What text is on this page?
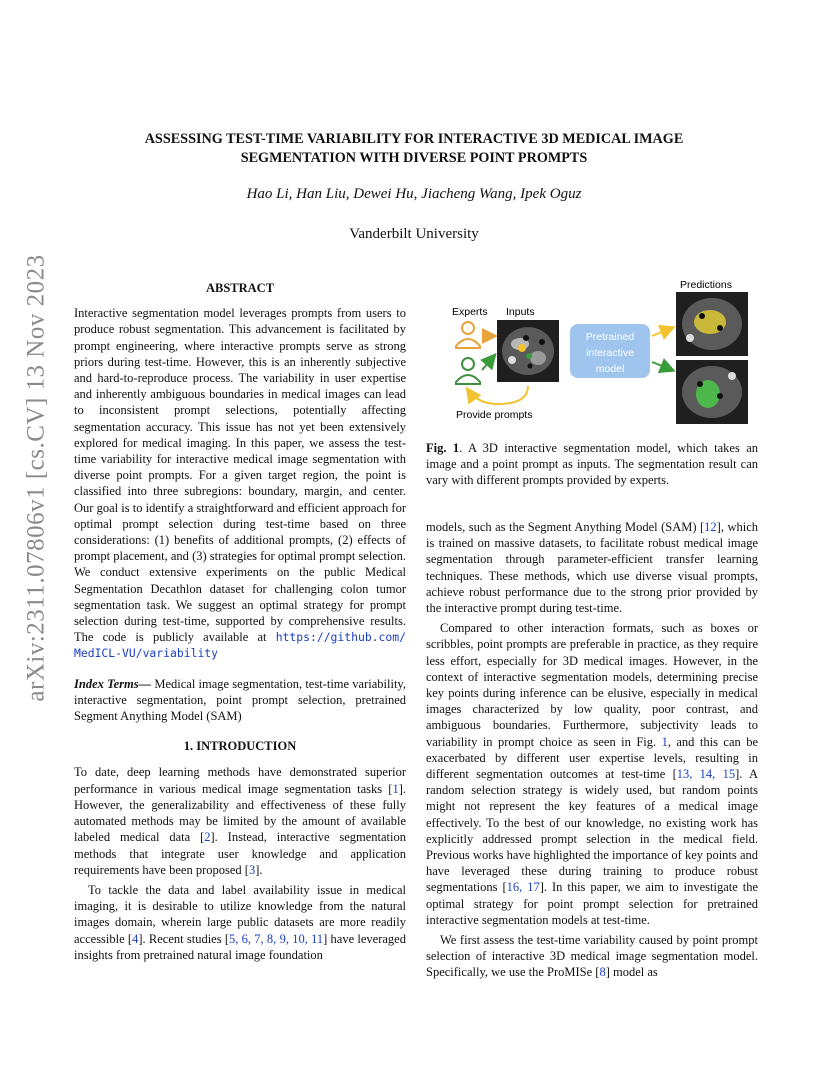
arXiv:2311.07806v1 [cs.CV] 13 Nov 2023
ASSESSING TEST-TIME VARIABILITY FOR INTERACTIVE 3D MEDICAL IMAGE
SEGMENTATION WITH DIVERSE POINT PROMPTS
Hao Li, Han Liu, Dewei Hu, Jiacheng Wang, Ipek Oguz
Vanderbilt University
ABSTRACT

Interactive segmentation model leverages prompts from users to produce robust segmentation. This advancement is facilitated by prompt engineering, where interactive prompts serve as strong priors during test-time. However, this is an inherently subjective and hard-to-reproduce process. The variability in user expertise and inherently ambiguous boundaries in medical images can lead to inconsistent prompt selections, potentially affecting segmentation accuracy. This issue has not yet been extensively explored for medical imaging. In this paper, we assess the test-time variability for interactive medical image segmentation with diverse point prompts. For a given target region, the point is classified into three subregions: boundary, margin, and center. Our goal is to identify a straightforward and efficient approach for optimal prompt selection during test-time based on three considerations: (1) benefits of additional prompts, (2) effects of prompt placement, and (3) strategies for optimal prompt selection. We conduct extensive experiments on the public Medical Segmentation Decathlon dataset for challenging colon tumor segmentation task. We suggest an optimal strategy for prompt selection during test-time, supported by comprehensive results. The code is publicly available at https://github.com/ MedICL-VU/variability

Index Terms— Medical image segmentation, test-time variability, interactive segmentation, point prompt selection, pretrained Segment Anything Model (SAM)

1. INTRODUCTION

To date, deep learning methods have demonstrated superior performance in various medical image segmentation tasks [1]. However, the generalizability and effectiveness of these fully automated methods may be limited by the amount of available labeled medical data [2]. Instead, interactive segmentation methods that integrate user knowledge and application requirements have been proposed [3].

To tackle the data and label availability issue in medical imaging, it is desirable to utilize knowledge from the natural images domain, wherein large public datasets are more readily accessible [4]. Recent studies [5, 6, 7, 8, 9, 10, 11] have leveraged insights from pretrained natural image foundation

Predictions
Experts Inputs
Provide prompts
Pretrained
interactive
model

Fig. 1. A 3D interactive segmentation model, which takes an image and a point prompt as inputs. The segmentation result can vary with different prompts provided by experts.

models, such as the Segment Anything Model (SAM) [12], which is trained on massive datasets, to facilitate robust medical image segmentation through parameter-efficient transfer learning techniques. These methods, which use diverse visual prompts, achieve robust performance due to the strong prior provided by the interactive prompt during test-time.

Compared to other interaction formats, such as boxes or scribbles, point prompts are preferable in practice, as they require less effort, especially for 3D medical images. However, in the context of interactive segmentation models, determining precise key points during inference can be elusive, especially in medical images characterized by low quality, poor contrast, and ambiguous boundaries. Furthermore, subjectivity leads to variability in prompt choice as seen in Fig. 1, and this can be exacerbated by different user expertise levels, resulting in different segmentation outcomes at test-time [13, 14, 15]. A random selection strategy is widely used, but random points might not represent the key features of a medical image effectively. To the best of our knowledge, no existing work has explicitly addressed prompt selection in the medical field. Previous works have highlighted the importance of key points and have leveraged these during training to produce robust segmentations [16, 17]. In this paper, we aim to investigate the optimal strategy for point prompt selection for pretrained interactive segmentation models at test-time.

We first assess the test-time variability caused by point prompt selection of interactive 3D medical image segmentation model. Specifically, we use the ProMISe [8] model as
